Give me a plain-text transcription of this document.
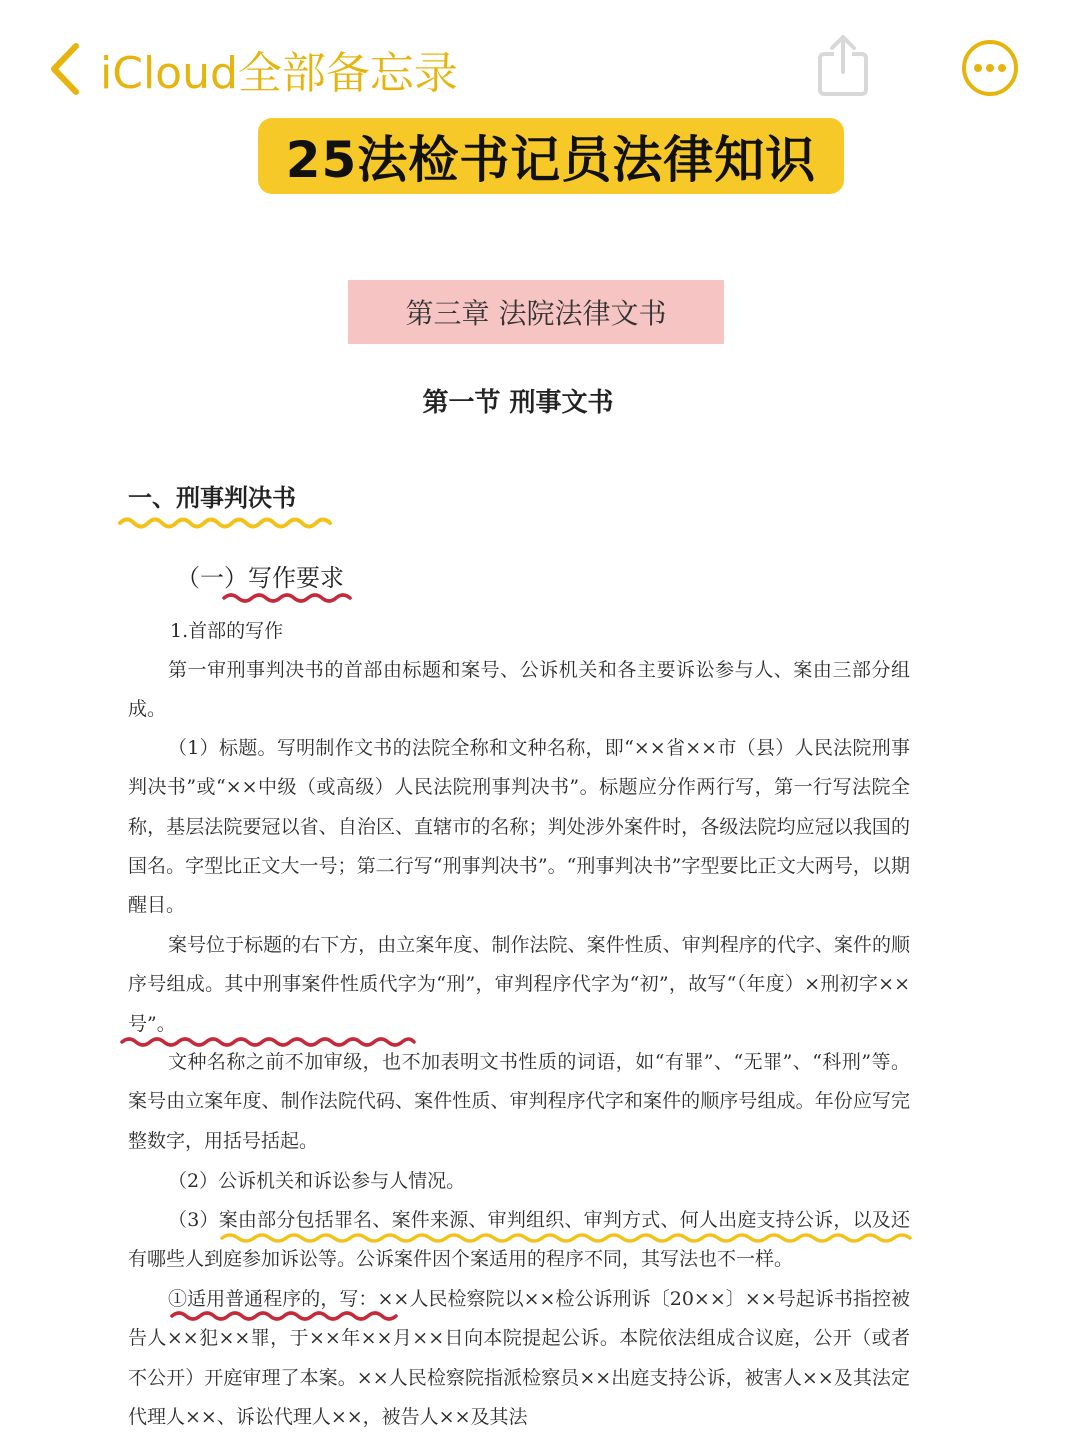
iCloud全部备忘录
25法检书记员法律知识
第三章 法院法律文书
第一节 刑事文书
一、刑事判决书
（一）写作要求
1.首部的写作

第一审刑事判决书的首部由标题和案号、公诉机关和各主要诉讼参与人、案由三部分组成。

（1）标题。写明制作文书的法院全称和文种名称，即“××省××市（县）人民法院刑事判决书”或“××中级（或高级）人民法院刑事判决书”。标题应分作两行写，第一行写法院全称，基层法院要冠以省、自治区、直辖市的名称；判处涉外案件时，各级法院均应冠以我国的国名。字型比正文大一号；第二行写“刑事判决书”。“刑事判决书”字型要比正文大两号，以期醒目。

案号位于标题的右下方，由立案年度、制作法院、案件性质、审判程序的代字、案件的顺序号组成。其中刑事案件性质代字为“刑”，审判程序代字为“初”，故写“（年度）×刑初字××号”。

文种名称之前不加审级，也不加表明文书性质的词语，如“有罪”、“无罪”、“科刑”等。案号由立案年度、制作法院代码、案件性质、审判程序代字和案件的顺序号组成。年份应写完整数字，用括号括起。

（2）公诉机关和诉讼参与人情况。

（3）案由部分包括罪名、案件来源、审判组织、审判方式、何人出庭支持公诉，以及还有哪些人到庭参加诉讼等。公诉案件因个案适用的程序不同，其写法也不一样。

①适用普通程序的，写：××人民检察院以××检公诉刑诉〔20××〕××号起诉书指控被告人××犯××罪，于××年××月××日向本院提起公诉。本院依法组成合议庭，公开（或者不公开）开庭审理了本案。××人民检察院指派检察员××出庭支持公诉，被害人××及其法定代理人××、诉讼代理人××，被告人××及其法
